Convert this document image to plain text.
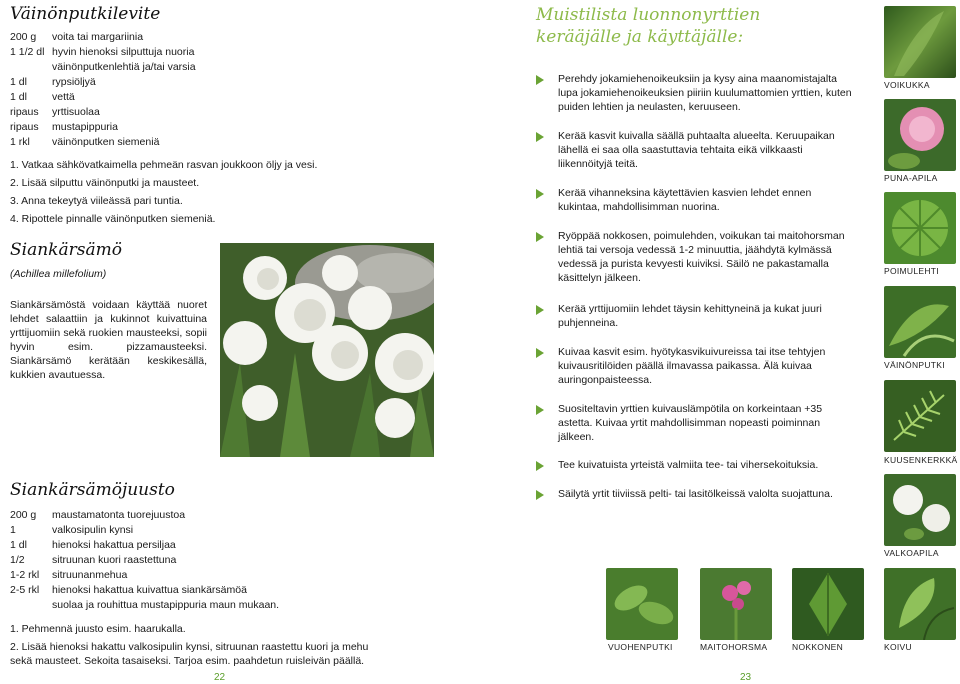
Väinönputkilevite
200 g	voita tai margariinia
1 1/2 dl hyvin hienoksi silputtuja nuoria
väinönputkenlehtiä ja/tai varsia
1 dl	rypsiöljyä
1 dl	vettä
ripaus	yrttisuolaa
ripaus	mustapippuria
1 rkl	väinönputken siemeniä

1. Vatkaa sähkövatkaimella pehmeän rasvan joukkoon öljy ja vesi.

2. Lisää silputtu väinönputki ja mausteet.

3. Anna tekeytyä viileässä pari tuntia.

4. Ripottele pinnalle väinönputken siemeniä.

Siankärsämö

(Achillea millefolium)

Siankärsämöstä voidaan käyttää nuoret lehdet salaattiin ja kukinnot kuivattuina yrttijuomiin sekä ruokien mausteeksi, sopii hyvin esim. pizzamausteeksi. Siankärsämö kerätään keskikesällä, kukkien avautuessa.

Siankärsämöjuusto
200 g	maustamatonta tuorejuustoa
1	valkosipulin kynsi
1 dl	hienoksi hakattua persiljaa
1/2	sitruunan kuori raastettuna
1-2 rkl	sitruunanmehua
2-5 rkl	hienoksi hakattua kuivattua siankärsämöä
suolaa ja rouhittua mustapippuria maun mukaan.

1. Pehmennä juusto esim. haarukalla.

2. Lisää hienoksi hakattu valkosipulin kynsi, sitruunan raastettu kuori ja mehu

sekä mausteet. Sekoita tasaiseksi. Tarjoa esim. paahdetun ruisleivän päällä.

22
Muistilista luonnonyrttien
kerääjälle ja käyttäjälle:
Perehdy jokamiehenoikeuksiin ja kysy aina maanomistajalta lupa jokamiehenoikeuksien piiriin kuulumattomien yrttien, kuten puiden lehtien ja neulasten, keruuseen.
Kerää kasvit kuivalla säällä puhtaalta alueelta. Keruupaikan lähellä ei saa olla saastuttavia tehtaita eikä vilkkaasti liikennöityjä teitä.
Kerää vihanneksina käytettävien kasvien lehdet ennen kukintaa, mahdollisimman nuorina.
Ryöppää nokkosen, poimulehden, voikukan tai maitohorsman lehtiä tai versoja vedessä 1-2 minuuttia, jäähdytä kylmässä vedessä ja purista kevyesti kuiviksi. Säilö ne pakastamalla käsittelyn jälkeen.
Kerää yrttijuomiin lehdet täysin kehittyneinä ja kukat juuri puhjenneina.
Kuivaa kasvit esim. hyötykasvikuivureissa tai itse tehtyjen kuivausritilöiden päällä ilmavassa paikassa. Älä kuivaa auringonpaisteessa.
Suositeltavin yrttien kuivauslämpötila on korkeintaan +35 astetta. Kuivaa yrtit mahdollisimman nopeasti poiminnan jälkeen.
Tee kuivatuista yrteistä valmiita tee- tai vihersekoituksia.
Säilytä yrtit tiiviissä pelti- tai lasitölkeissä valolta suojattuna.
VOIKUKKA
PUNA-APILA
POIMULEHTI
VÄINÖNPUTKI
KUUSENKERKKÄ
VALKOAPILA
VUOHENPUTKI	MAITOHORSMA	NOKKONEN	KOIVU
23
